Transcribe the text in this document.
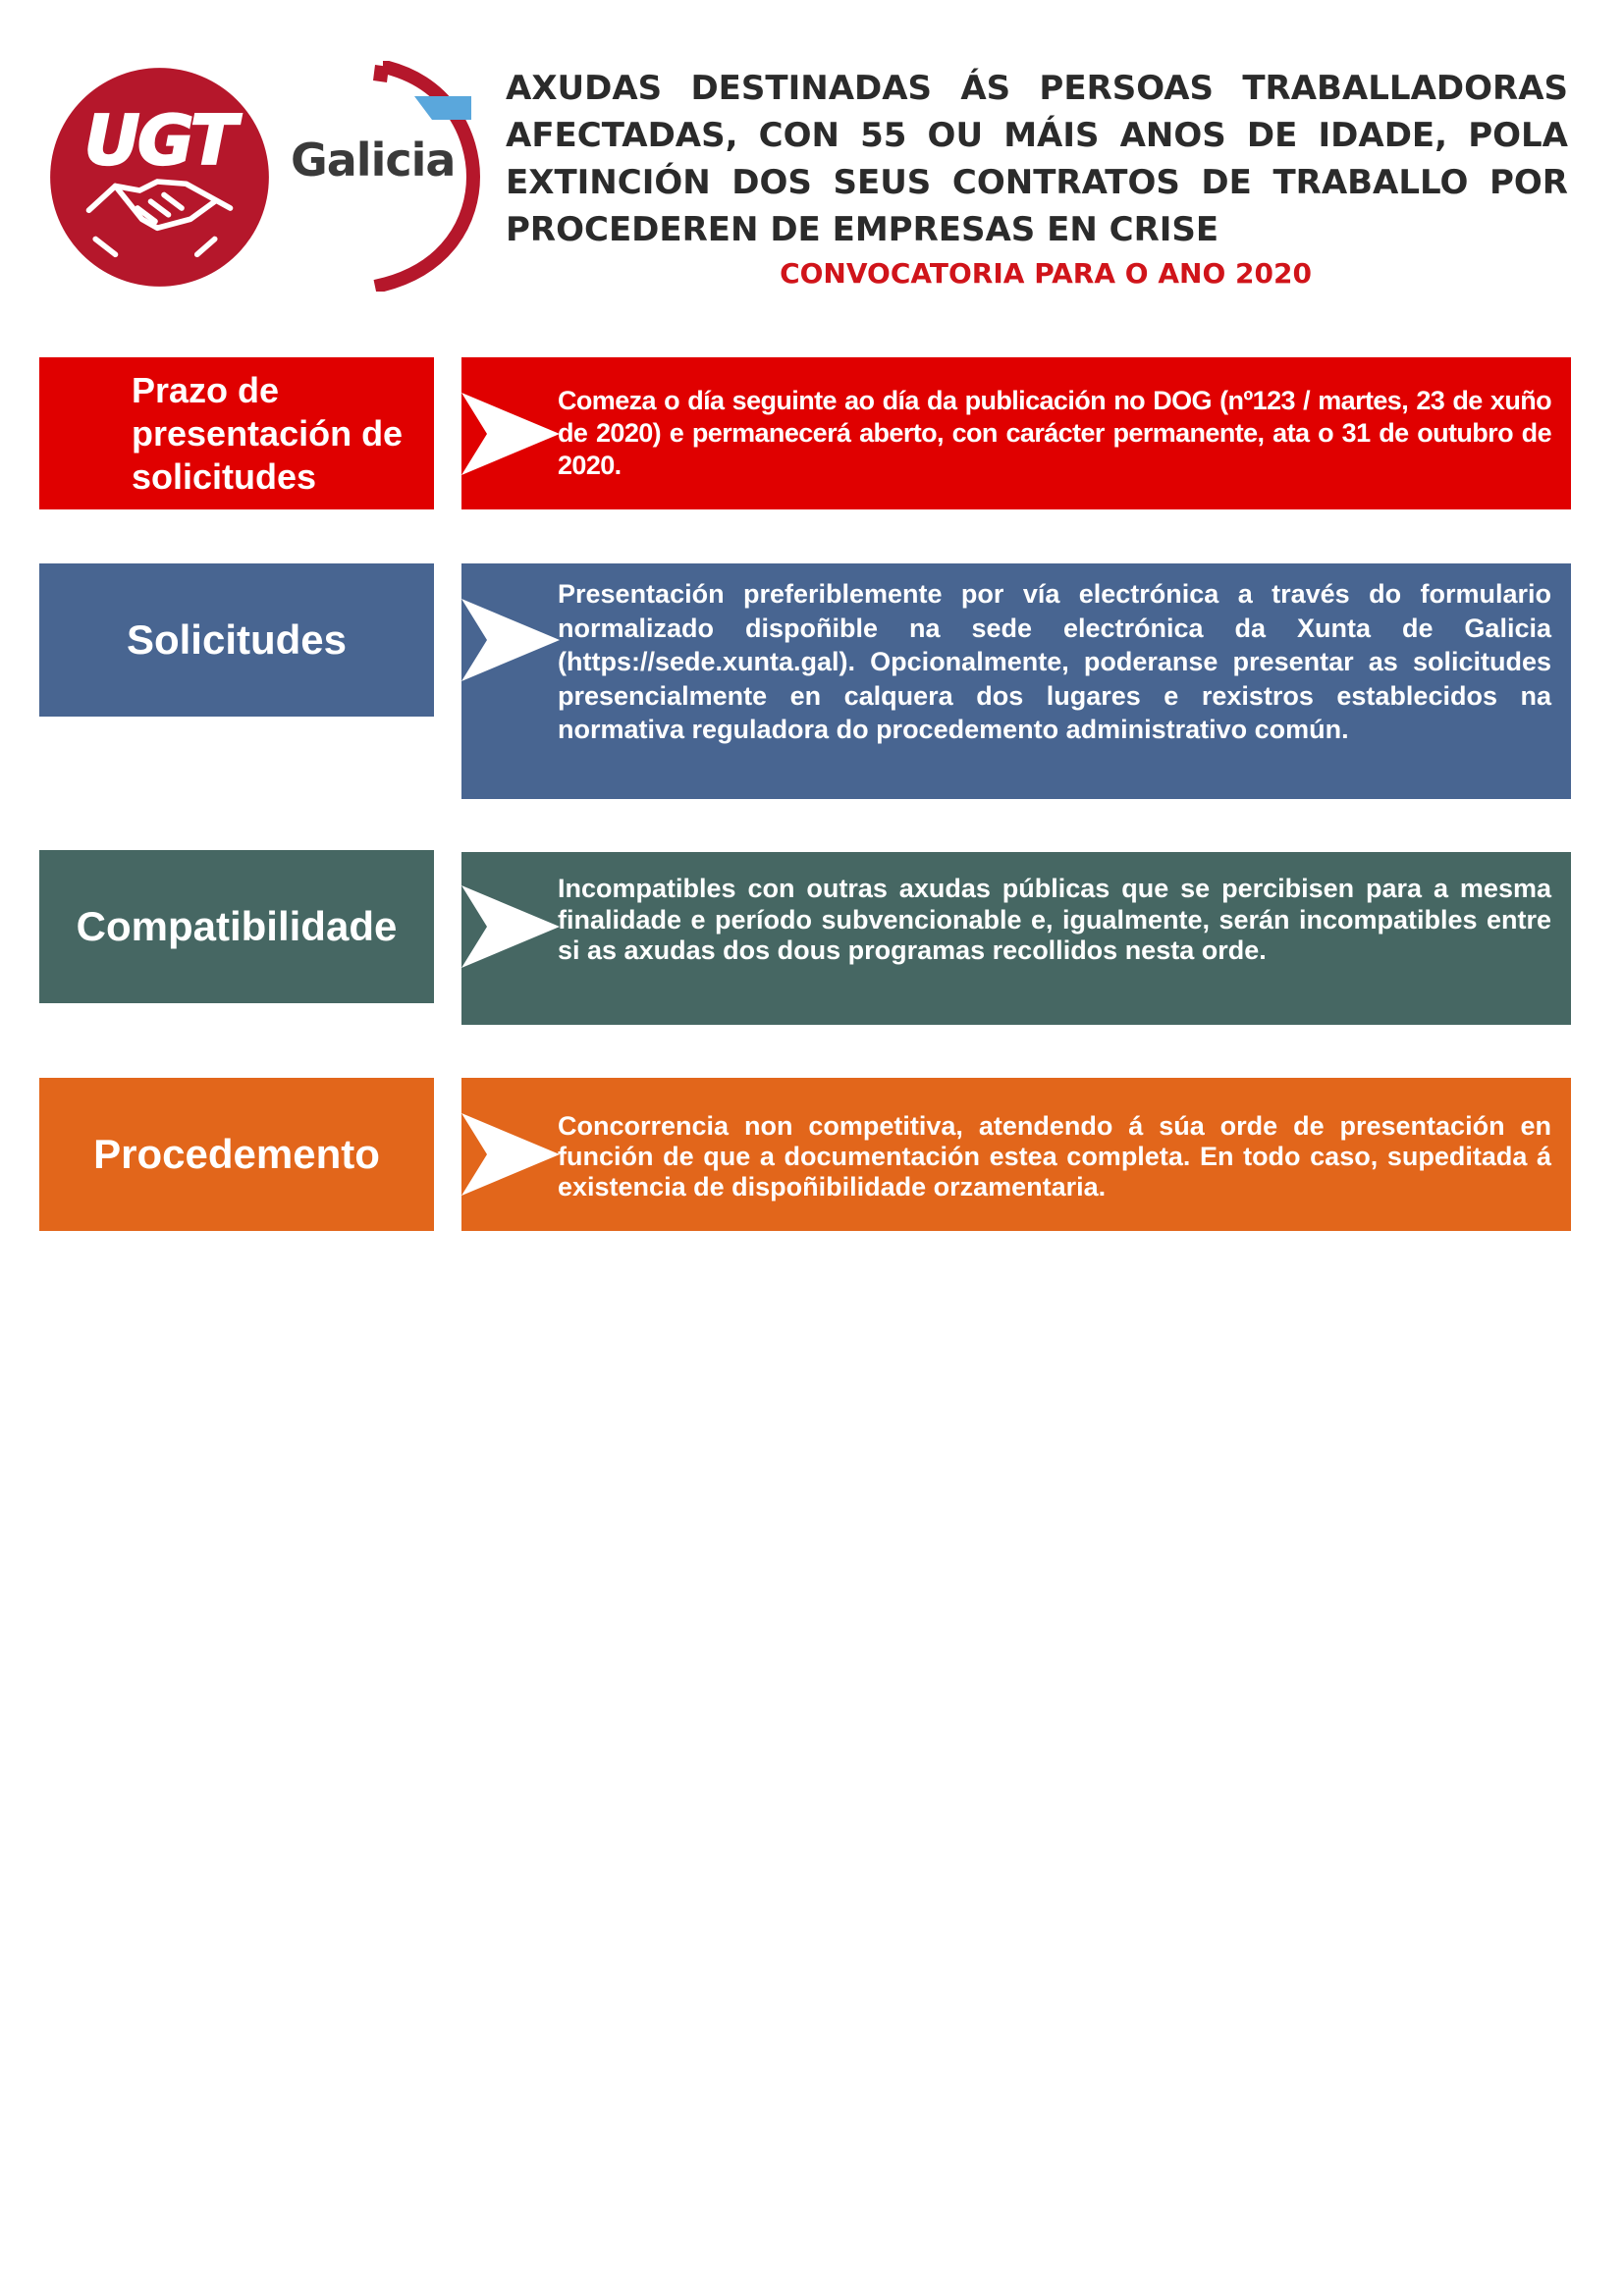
UGT Galicia
AXUDAS DESTINADAS ÁS PERSOAS TRABALLADORAS AFECTADAS, CON 55 OU MÁIS ANOS DE IDADE, POLA EXTINCIÓN DOS SEUS CONTRATOS DE TRABALLO POR PROCEDEREN DE EMPRESAS EN CRISE
CONVOCATORIA PARA O ANO 2020
Prazo de presentación de solicitudes

Comeza o día seguinte ao día da publicación no DOG (nº123 / martes, 23 de xuño de 2020) e permanecerá aberto, con carácter permanente, ata o 31 de outubro de 2020.

Solicitudes

Presentación preferiblemente por vía electrónica a través do formulario normalizado dispoñible na sede electrónica da Xunta de Galicia (https://sede.xunta.gal). Opcionalmente, poderanse presentar as solicitudes presencialmente en calquera dos lugares e rexistros establecidos na normativa reguladora do procedemento administrativo común.

Compatibilidade

Incompatibles con outras axudas públicas que se percibisen para a mesma finalidade e período subvencionable e, igualmente, serán incompatibles entre si as axudas dos dous programas recollidos nesta orde.

Procedemento

Concorrencia non competitiva, atendendo á súa orde de presentación en función de que a documentación estea completa. En todo caso, supeditada á existencia de dispoñibilidade orzamentaria.
